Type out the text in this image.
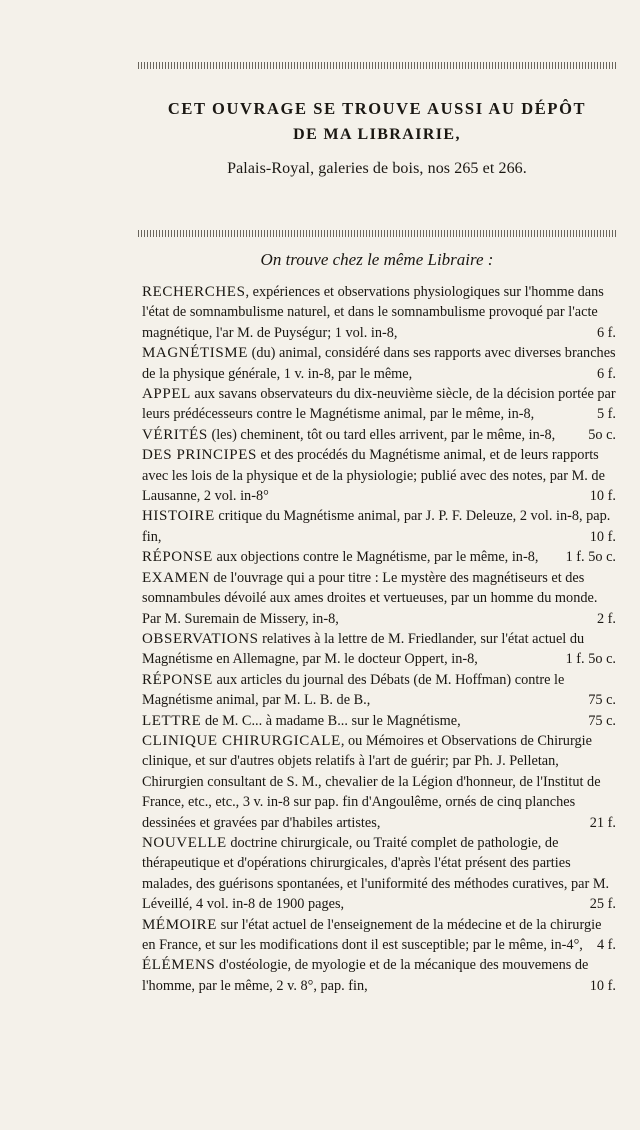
CET OUVRAGE SE TROUVE AUSSI AU DÉPÔT
DE MA LIBRAIRIE,
Palais-Royal, galeries de bois, nos 265 et 266.
On trouve chez le même Libraire :

RECHERCHES, expériences et observations physiologiques sur l'homme dans l'état de somnambulisme naturel, et dans le somnambulisme provoqué par l'acte magnétique, l'ar M. de Puységur; 1 vol. in-8,	6 f.

MAGNÉTISME (du) animal, considéré dans ses rapports avec diverses branches de la physique générale, 1 v. in-8, par le même,	6 f.

APPEL aux savans observateurs du dix-neuvième siècle, de la décision portée par leurs prédécesseurs contre le Magnétisme animal, par le même, in-8,	5 f.

VÉRITÉS (les) cheminent, tôt ou tard elles arrivent, par le même, in-8,	5o c.

DES PRINCIPES et des procédés du Magnétisme animal, et de leurs rapports avec les lois de la physique et de la physiologie; publié avec des notes, par M. de Lausanne, 2 vol. in-8°	10 f.

HISTOIRE critique du Magnétisme animal, par J. P. F. Deleuze, 2 vol. in-8, pap. fin,	10 f.

RÉPONSE aux objections contre le Magnétisme, par le même, in-8,	1 f. 5o c.

EXAMEN de l'ouvrage qui a pour titre : Le mystère des magnétiseurs et des somnambules dévoilé aux ames droites et vertueuses, par un homme du monde. Par M. Suremain de Missery, in-8,	2 f.

OBSERVATIONS relatives à la lettre de M. Friedlander, sur l'état actuel du Magnétisme en Allemagne, par M. le docteur Oppert, in-8,	1 f. 5o c.

RÉPONSE aux articles du journal des Débats (de M. Hoffman) contre le Magnétisme animal, par M. L. B. de B.,	75 c.

LETTRE de M. C... à madame B... sur le Magnétisme,	75 c.

CLINIQUE CHIRURGICALE, ou Mémoires et Observations de Chirurgie clinique, et sur d'autres objets relatifs à l'art de guérir; par Ph. J. Pelletan, Chirurgien consultant de S. M., chevalier de la Légion d'honneur, de l'Institut de France, etc., etc., 3 v. in-8 sur pap. fin d'Angoulême, ornés de cinq planches dessinées et gravées par d'habiles artistes,	21 f.

NOUVELLE doctrine chirurgicale, ou Traité complet de pathologie, de thérapeutique et d'opérations chirurgicales, d'après l'état présent des parties malades, des guérisons spontanées, et l'uniformité des méthodes curatives, par M. Léveillé, 4 vol. in-8 de 1900 pages,	25 f.

MÉMOIRE sur l'état actuel de l'enseignement de la médecine et de la chirurgie en France, et sur les modifications dont il est susceptible; par le même, in-4°, 4 f.

ÉLÉMENS d'ostéologie, de myologie et de la mécanique des mouvemens de l'homme, par le même, 2 v. 8°, pap. fin,	10 f.
